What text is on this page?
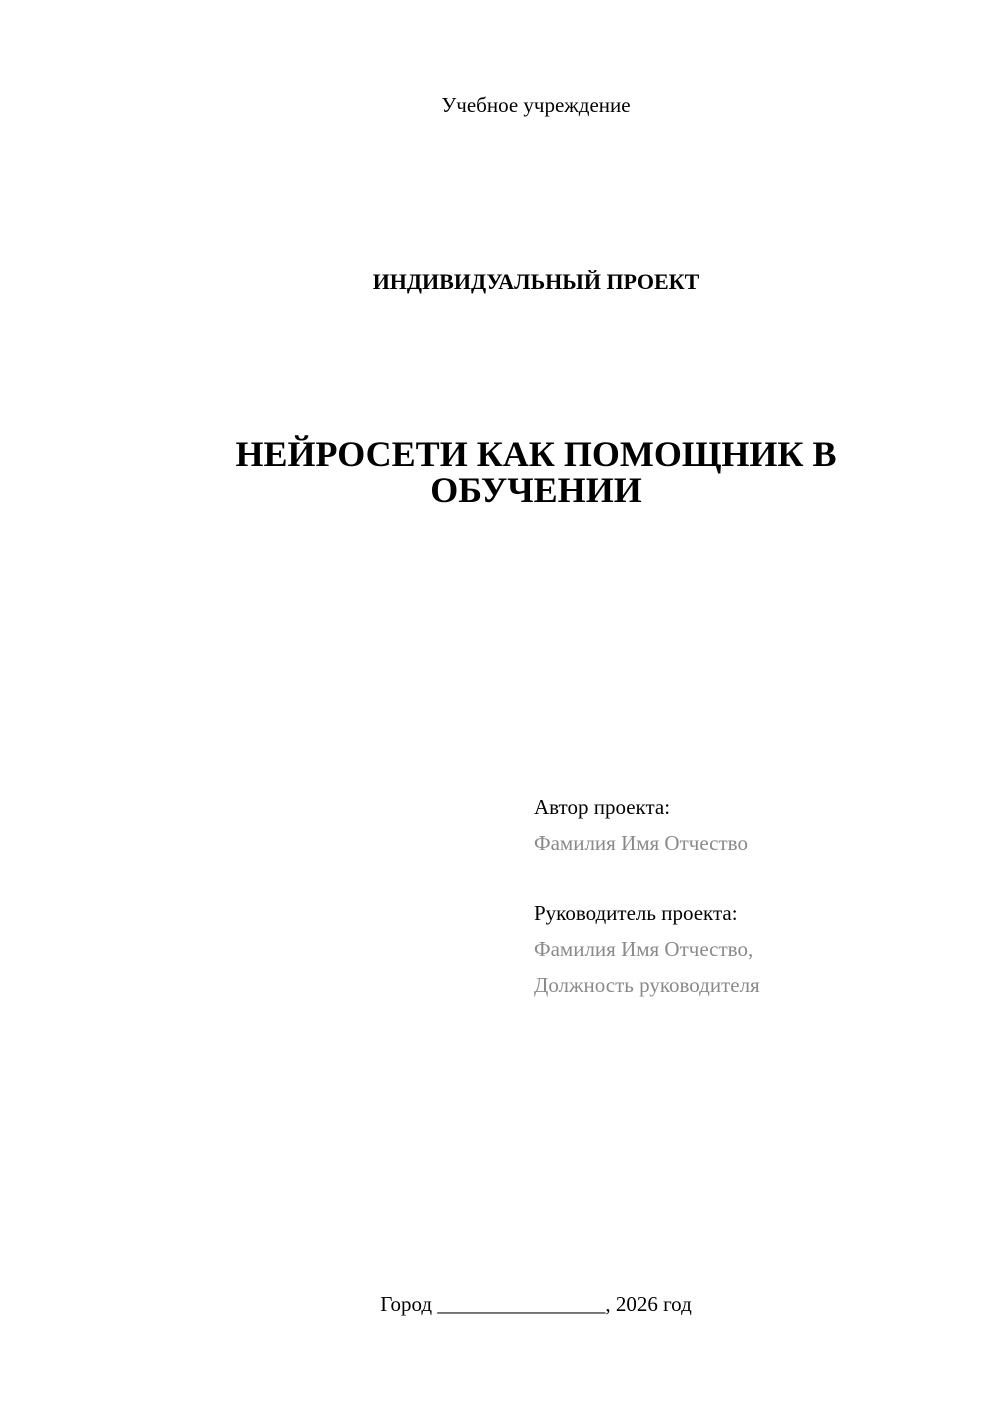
Учебное учреждение
ИНДИВИДУАЛЬНЫЙ ПРОЕКТ
НЕЙРОСЕТИ КАК ПОМОЩНИК В
ОБУЧЕНИИ
Автор проекта:
Фамилия Имя Отчество
Руководитель проекта:
Фамилия Имя Отчество,
Должность руководителя
Город ________________, 2026 год
